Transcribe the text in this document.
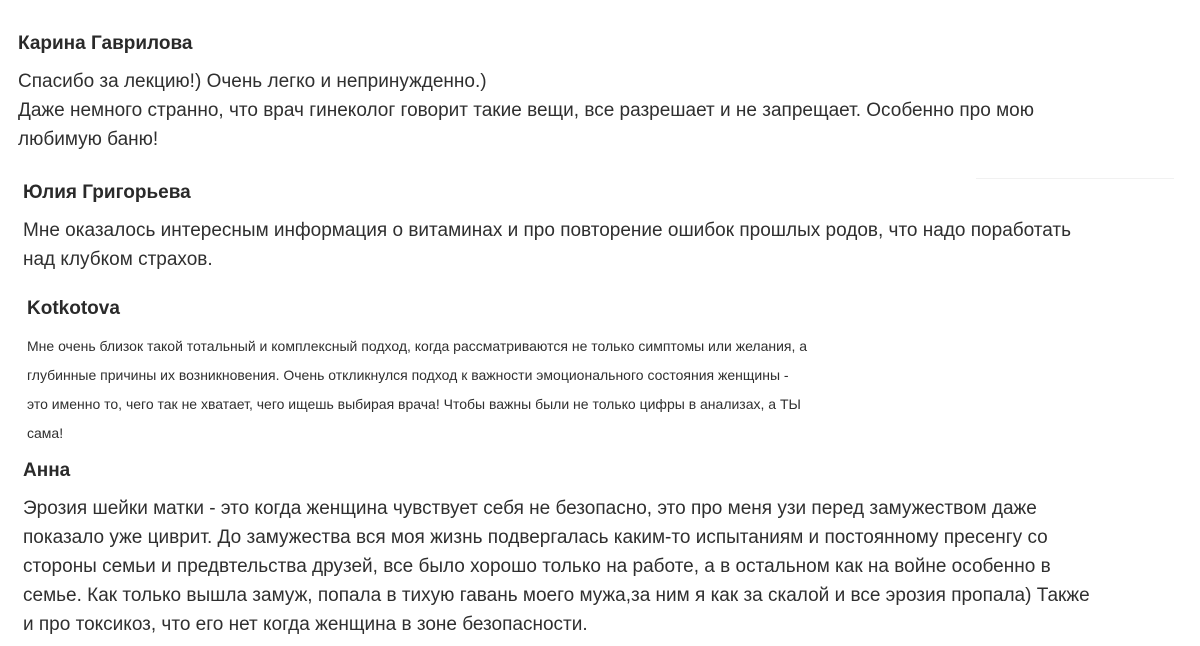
Карина Гаврилова

Спасибо за лекцию!) Очень легко и непринужденно.)
Даже немного странно, что врач гинеколог говорит такие вещи, все разрешает и не запрещает. Особенно про мою
любимую баню!

Юлия Григорьева

Мне оказалось интересным информация о витаминах и про повторение ошибок прошлых родов, что надо поработать
над клубком страхов.

Kotkotova

Мне очень близок такой тотальный и комплексный подход, когда рассматриваются не только симптомы или желания, а
глубинные причины их возникновения. Очень откликнулся подход к важности эмоционального состояния женщины -
это именно то, чего так не хватает, чего ищешь выбирая врача! Чтобы важны были не только цифры в анализах, а ТЫ
сама!

Анна

Эрозия шейки матки - это когда женщина чувствует себя не безопасно, это про меня узи перед замужеством даже
показало уже циврит. До замужества вся моя жизнь подвергалась каким-то испытаниям и постоянному пресенгу со
стороны семьи и предвтельства друзей, все было хорошо только на работе, а в остальном как на войне особенно в
семье. Как только вышла замуж, попала в тихую гавань моего мужа,за ним я как за скалой и все эрозия пропала) Также
и про токсикоз, что его нет когда женщина в зоне безопасности.
